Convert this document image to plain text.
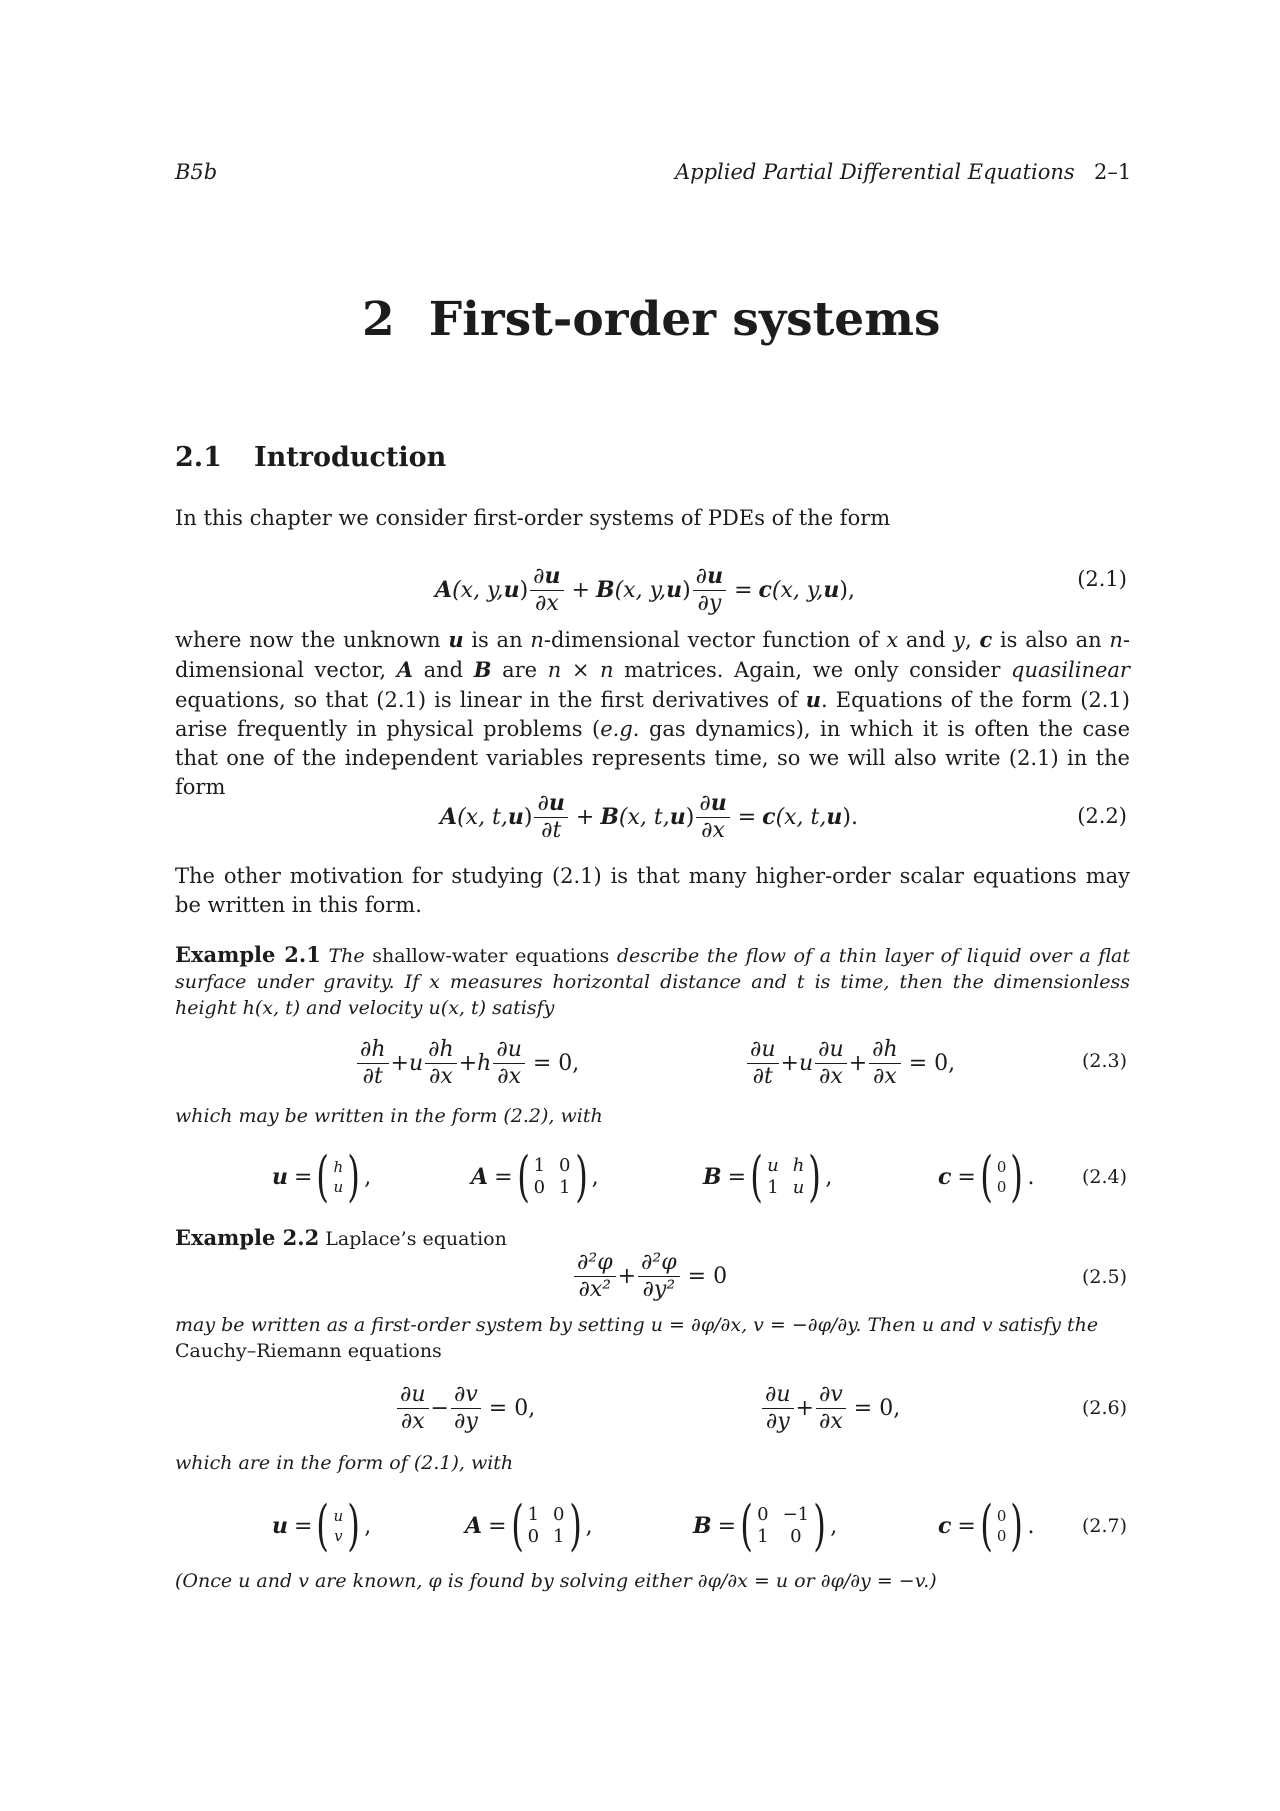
B5b	Applied Partial Differential Equations 2–1
2 First-order systems
2.1 Introduction
In this chapter we consider first-order systems of PDEs of the form
A (x, y, u ) $\frac{\partial u}{\partial x} + B$ (x, y, u ) $\frac{\partial u}{\partial y} = c$ (x, y, u ),	(2.1)
where now the unknown u is an n-dimensional vector function of x and y, c is also an n-dimensional vector, A and B are n × n matrices. Again, we only consider quasilinear equations, so that (2.1) is linear in the first derivatives of u. Equations of the form (2.1) arise frequently in physical problems (e.g. gas dynamics), in which it is often the case that one of the independent variables represents time, so we will also write (2.1) in the form
A (x, t, u ) $\frac{\partial u}{\partial t} + B$ (x, t, u ) $\frac{\partial u}{\partial x} = c$ (x, t, u ).	(2.2)
The other motivation for studying (2.1) is that many higher-order scalar equations may be written in this form.
Example 2.1 The shallow-water equations describe the flow of a thin layer of liquid over a flat surface under gravity. If x measures horizontal distance and t is time, then the dimensionless height h(x, t) and velocity u(x, t) satisfy
$\frac{\partial h}{\partial t} + u \frac{\partial h}{\partial x} + h \frac{\partial u}{\partial x} = 0$,	$\frac{\partial u}{\partial t} + u \frac{\partial u}{\partial x} + \frac{\partial h}{\partial x} = 0$,	(2.3)
which may be written in the form (2.2), with
u = ( h
u ) ,	A = ( 1 0
0 1 ) ,	B = ( u h
1 u ) ,	c = ( 0
0 ) . (2.4)
Example 2.2 Laplace’s equation
$\frac{\text{∂²φ}}{\text{∂x²}} + \frac{\text{∂²φ}}{\text{∂y²}} = 0$	(2.5)
may be written as a first-order system by setting u = ∂φ/∂x, v = −∂φ/∂y. Then u and v satisfy the
Cauchy–Riemann equations
$\frac{\partial u}{\partial x} - \frac{\partial v}{\partial y} = 0$,	$\frac{\partial u}{\partial y} + \frac{\partial v}{\partial x} = 0$,	(2.6)
which are in the form of (2.1), with
u = ( u
v ) ,	A = ( 1 0
0 1 ) ,	B = ( 0 −1
1	0 ) ,	c = ( 0
0 ) . (2.7)
(Once u and v are known, φ is found by solving either ∂φ/∂x = u or ∂φ/∂y = −v.)
